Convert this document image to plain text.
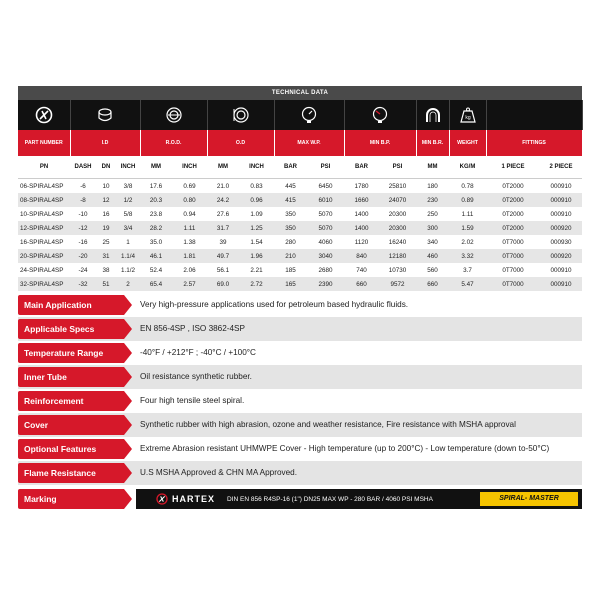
TECHNICAL DATA

kg		

PART NUMBER	I.D			R.O.D.		O.D		MAX W.P.		MIN B.P.		MIN B.R.	WEIGHT	FITTINGS	
PN	DASH	DN	INCH	MM	INCH	MM	INCH	BAR	PSI	BAR	PSI	MM	KG/M	1 PIECE	2 PIECE
06-SPIRAL4SP	-6	10	3/8	17.6	0.69	21.0	0.83	445	6450	1780	25810	180	0.78	0T2000	000910
08-SPIRAL4SP	-8	12	1/2	20.3	0.80	24.2	0.96	415	6010	1660	24070	230	0.89	0T2000	000910
10-SPIRAL4SP	-10	16	5/8	23.8	0.94	27.6	1.09	350	5070	1400	20300	250	1.11	0T2000	000910
12-SPIRAL4SP	-12	19	3/4	28.2	1.11	31.7	1.25	350	5070	1400	20300	300	1.59	0T2000	000920
16-SPIRAL4SP	-16	25	1	35.0	1.38	39	1.54	280	4060	1120	16240	340	2.02	0T7000	000930
20-SPIRAL4SP	-20	31	1.1/4	46.1	1.81	49.7	1.96	210	3040	840	12180	460	3.32	0T7000	000920
24-SPIRAL4SP	-24	38	1.1/2	52.4	2.06	56.1	2.21	185	2680	740	10730	560	3.7	0T7000	000910
32-SPIRAL4SP	-32	51	2	65.4	2.57	69.0	2.72	165	2390	660	9572	660	5.47	0T7000	000910
Main Application	Very high-pressure applications used for petroleum based hydraulic fluids.
Applicable Specs	EN 856-4SP , ISO 3862-4SP
Temperature Range	-40°F / +212°F ; -40°C / +100°C
Inner Tube	Oil resistance synthetic rubber.
Reinforcement	Four high tensile steel spiral.
Cover	Synthetic rubber with high abrasion, ozone and weather resistance, Fire resistance with MSHA approval
Optional Features	Extreme Abrasion resistant UHMWPE Cover - High temperature (up to 200°C) - Low temperature (down to-50°C)
Flame Resistance	U.S MSHA Approved & CHN MA Approved.
Marking	HARTEX DIN EN 856 R4SP-16 (1") DN25 MAX WP - 280 BAR / 4060 PSI MSHA	SPIRAL- MASTER
